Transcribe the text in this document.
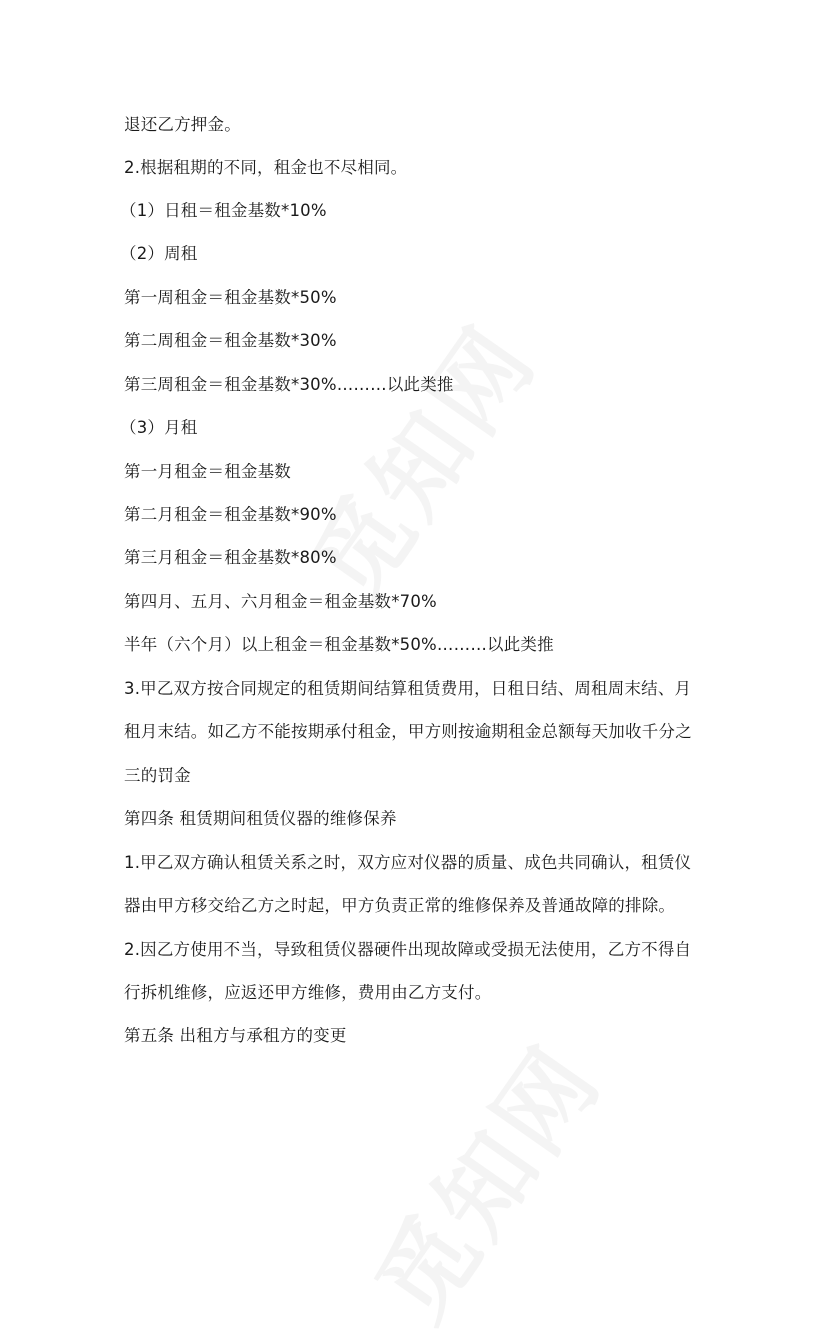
退还乙方押金。
2.根据租期的不同，租金也不尽相同。
（1）日租＝租金基数*10%
（2）周租
第一周租金＝租金基数*50%
第二周租金＝租金基数*30%
第三周租金＝租金基数*30%………以此类推
（3）月租
第一月租金＝租金基数
第二月租金＝租金基数*90%
第三月租金＝租金基数*80%
第四月、五月、六月租金＝租金基数*70%
半年（六个月）以上租金＝租金基数*50%………以此类推
3.甲乙双方按合同规定的租赁期间结算租赁费用，日租日结、周租周末结、月
租月末结。如乙方不能按期承付租金，甲方则按逾期租金总额每天加收千分之
三的罚金
第四条 租赁期间租赁仪器的维修保养
1.甲乙双方确认租赁关系之时，双方应对仪器的质量、成色共同确认，租赁仪
器由甲方移交给乙方之时起，甲方负责正常的维修保养及普通故障的排除。
2.因乙方使用不当，导致租赁仪器硬件出现故障或受损无法使用，乙方不得自
行拆机维修，应返还甲方维修，费用由乙方支付。
第五条 出租方与承租方的变更
